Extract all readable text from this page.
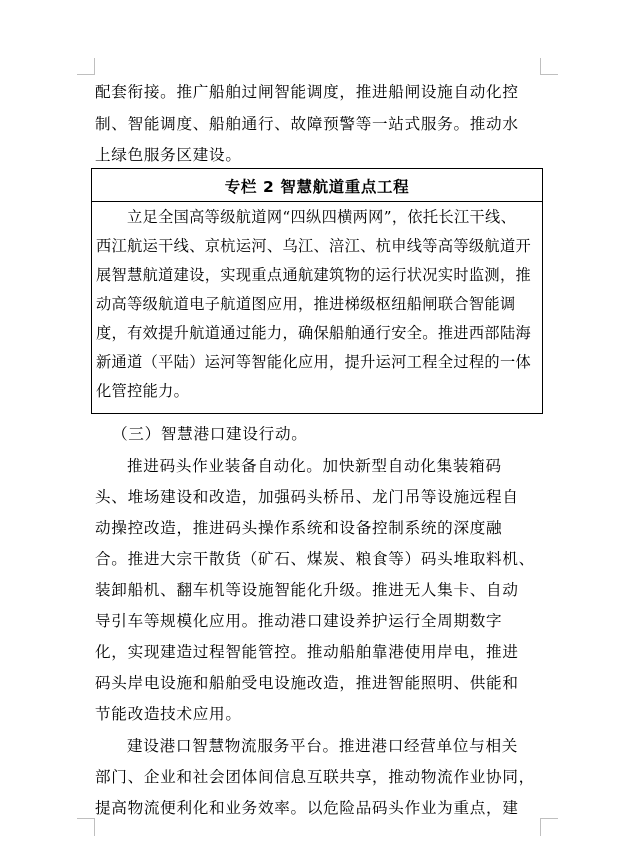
配套衔接。推广船舶过闸智能调度，推进船闸设施自动化控
制、智能调度、船舶通行、故障预警等一站式服务。推动水
上绿色服务区建设。
专栏 2 智慧航道重点工程
立足全国高等级航道网“四纵四横两网”，依托长江干线、
西江航运干线、京杭运河、乌江、涪江、杭申线等高等级航道开
展智慧航道建设，实现重点通航建筑物的运行状况实时监测，推
动高等级航道电子航道图应用，推进梯级枢纽船闸联合智能调
度，有效提升航道通过能力，确保船舶通行安全。推进西部陆海
新通道（平陆）运河等智能化应用，提升运河工程全过程的一体
化管控能力。
（三）智慧港口建设行动。
推进码头作业装备自动化。加快新型自动化集装箱码
头、堆场建设和改造，加强码头桥吊、龙门吊等设施远程自
动操控改造，推进码头操作系统和设备控制系统的深度融
合。推进大宗干散货（矿石、煤炭、粮食等）码头堆取料机、
装卸船机、翻车机等设施智能化升级。推进无人集卡、自动
导引车等规模化应用。推动港口建设养护运行全周期数字
化，实现建造过程智能管控。推动船舶靠港使用岸电，推进
码头岸电设施和船舶受电设施改造，推进智能照明、供能和
节能改造技术应用。
建设港口智慧物流服务平台。推进港口经营单位与相关
部门、企业和社会团体间信息互联共享，推动物流作业协同，
提高物流便利化和业务效率。以危险品码头作业为重点，建
